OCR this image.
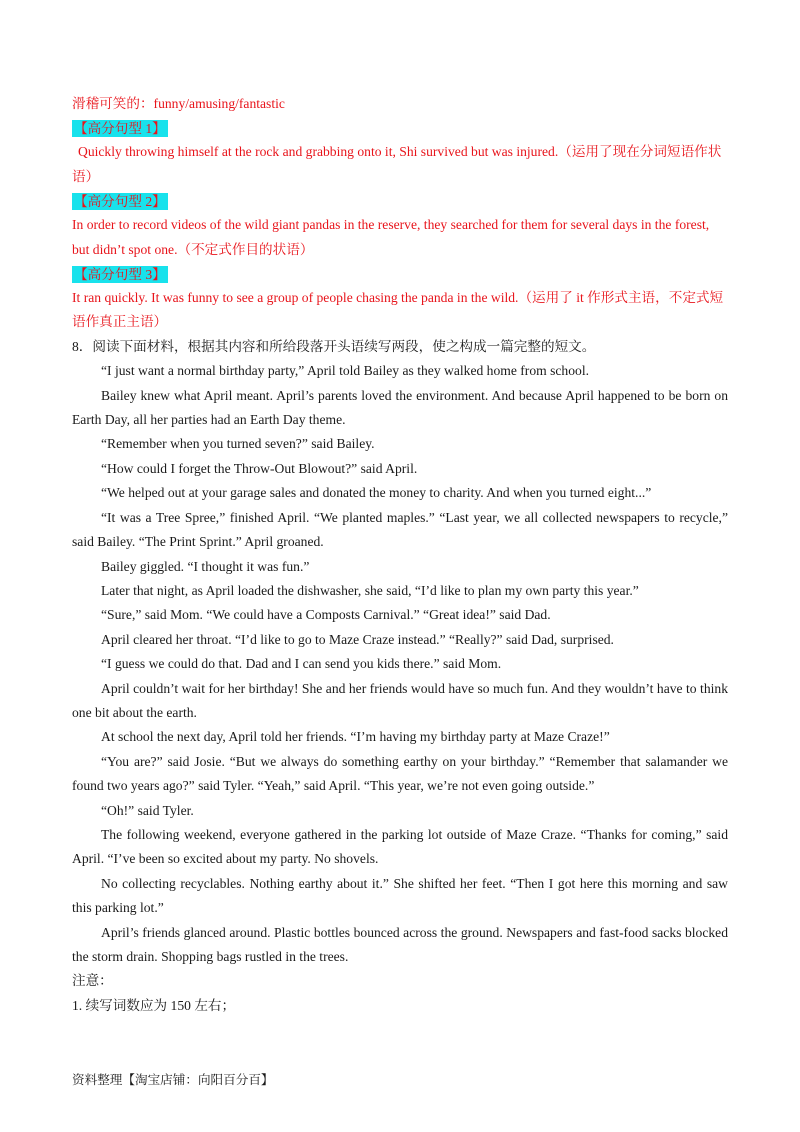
滑稽可笑的：funny/amusing/fantastic

【高分句型 1】

Quickly throwing himself at the rock and grabbing onto it, Shi survived but was injured.（运用了现在分词短语作状语）

【高分句型 2】

In order to record videos of the wild giant pandas in the reserve, they searched for them for several days in the forest, but didn’t spot one.（不定式作目的状语）

【高分句型 3】

It ran quickly. It was funny to see a group of people chasing the panda in the wild.（运用了 it 作形式主语，不定式短语作真正主语）

8．阅读下面材料，根据其内容和所给段落开头语续写两段，使之构成一篇完整的短文。

“I just want a normal birthday party,” April told Bailey as they walked home from school.

Bailey knew what April meant. April’s parents loved the environment. And because April happened to be born on Earth Day, all her parties had an Earth Day theme.

“Remember when you turned seven?” said Bailey.

“How could I forget the Throw-Out Blowout?” said April.

“We helped out at your garage sales and donated the money to charity. And when you turned eight...”

“It was a Tree Spree,” finished April. “We planted maples.” “Last year, we all collected newspapers to recycle,” said Bailey. “The Print Sprint.” April groaned.

Bailey giggled. “I thought it was fun.”

Later that night, as April loaded the dishwasher, she said, “I’d like to plan my own party this year.”

“Sure,” said Mom. “We could have a Composts Carnival.” “Great idea!” said Dad.

April cleared her throat. “I’d like to go to Maze Craze instead.” “Really?” said Dad, surprised.

“I guess we could do that. Dad and I can send you kids there.” said Mom.

April couldn’t wait for her birthday! She and her friends would have so much fun. And they wouldn’t have to think one bit about the earth.

At school the next day, April told her friends. “I’m having my birthday party at Maze Craze!”

“You are?” said Josie. “But we always do something earthy on your birthday.” “Remember that salamander we found two years ago?” said Tyler. “Yeah,” said April. “This year, we’re not even going outside.”

“Oh!” said Tyler.

The following weekend, everyone gathered in the parking lot outside of Maze Craze. “Thanks for coming,” said April. “I’ve been so excited about my party. No shovels.

No collecting recyclables. Nothing earthy about it.” She shifted her feet. “Then I got here this morning and saw this parking lot.”

April’s friends glanced around. Plastic bottles bounced across the ground. Newspapers and fast-food sacks blocked the storm drain. Shopping bags rustled in the trees.

注意：

1. 续写词数应为 150 左右；

资料整理【淘宝店铺：向阳百分百】
